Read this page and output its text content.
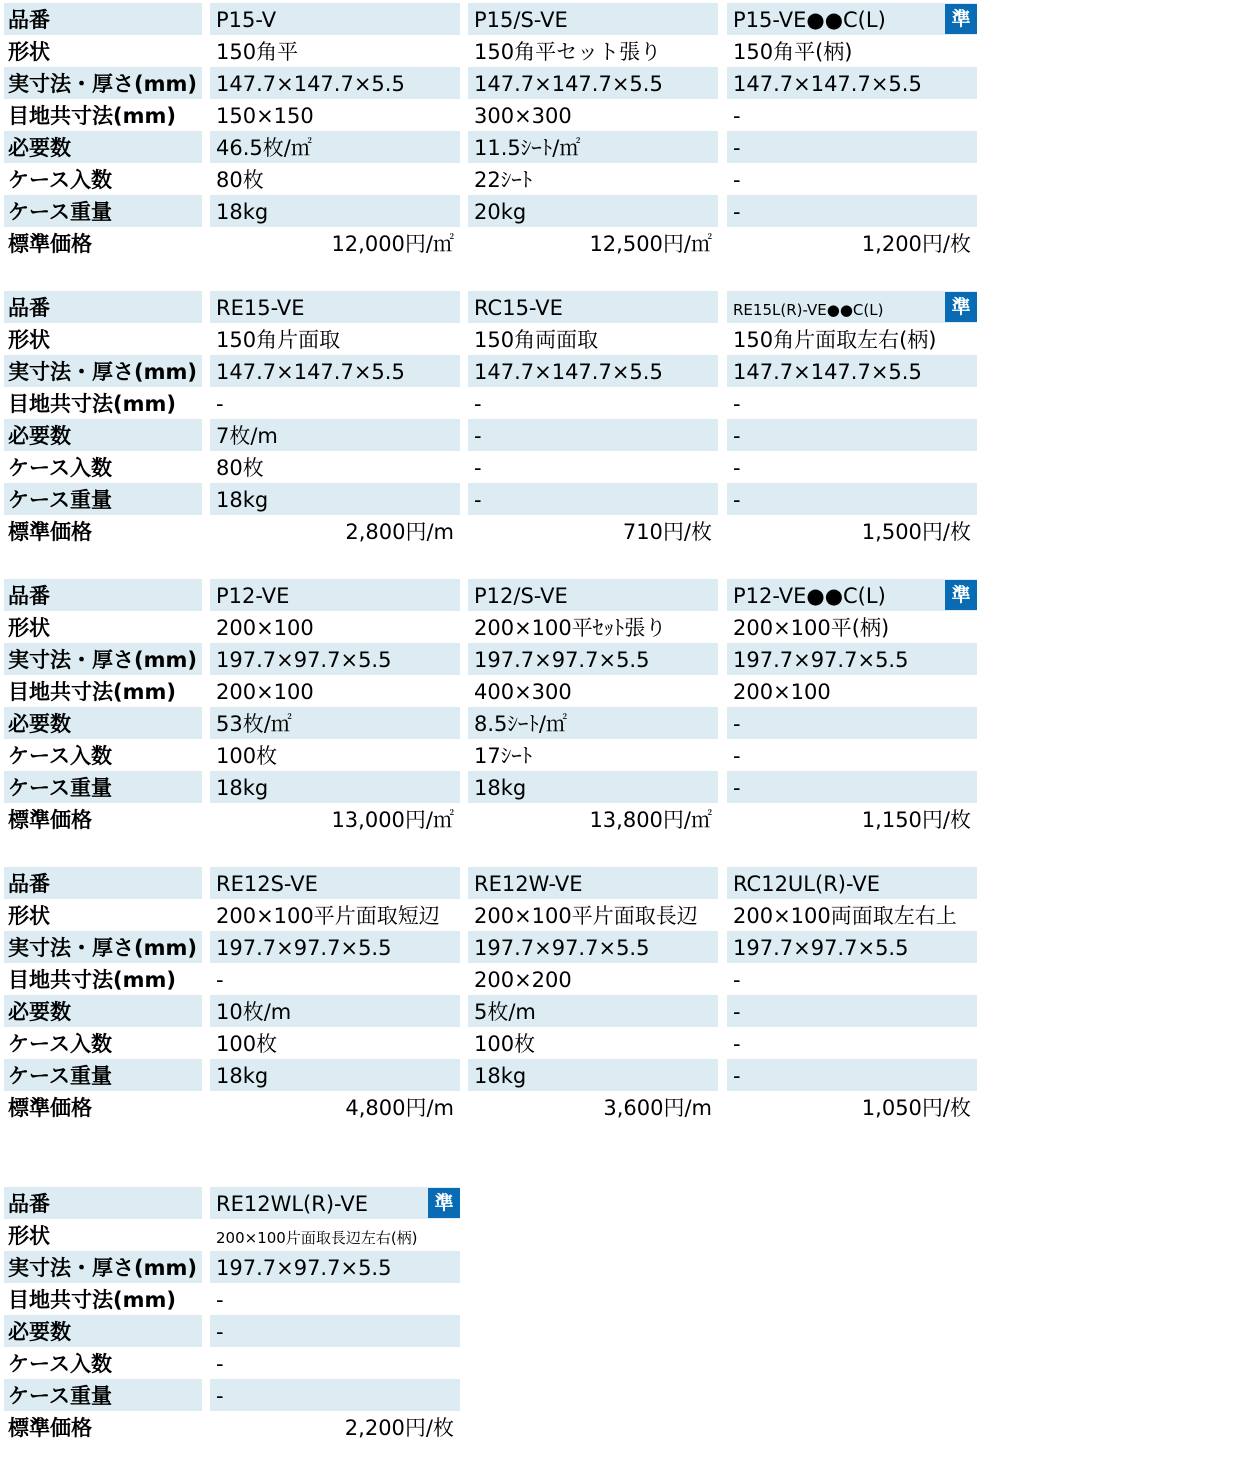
品番	P15-V	P15/S-VE	P15-VE●●C(L)	準
形状	150角平	150角平セット張り	150角平(柄)
実寸法・厚さ(mm) 147.7×147.7×5.5	147.7×147.7×5.5	147.7×147.7×5.5
目地共寸法(mm)	150×150	300×300	-
必要数	46.5枚/㎡	11.5ｼｰﾄ/㎡	-
ケース入数	80枚	22ｼｰﾄ	-
ケース重量	18kg	20kg	-
標準価格	12,000円/㎡	12,500円/㎡	1,200円/枚
品番	RE15-VE	RC15-VE	RE15L(R)-VE●●C(L)	準
形状	150角片面取	150角両面取	150角片面取左右(柄)
実寸法・厚さ(mm) 147.7×147.7×5.5	147.7×147.7×5.5	147.7×147.7×5.5
目地共寸法(mm)	-	-	-
必要数	7枚/m	-	-
ケース入数	80枚	-	-
ケース重量	18kg	-	-
標準価格	2,800円/m	710円/枚	1,500円/枚
品番	P12-VE	P12/S-VE	P12-VE●●C(L)	準
形状	200×100	200×100平ｾｯﾄ張り	200×100平(柄)
実寸法・厚さ(mm) 197.7×97.7×5.5	197.7×97.7×5.5	197.7×97.7×5.5
目地共寸法(mm)	200×100	400×300	200×100
必要数	53枚/㎡	8.5ｼｰﾄ/㎡	-
ケース入数	100枚	17ｼｰﾄ	-
ケース重量	18kg	18kg	-
標準価格	13,000円/㎡	13,800円/㎡	1,150円/枚
品番	RE12S-VE	RE12W-VE	RC12UL(R)-VE
形状	200×100平片面取短辺	200×100平片面取長辺	200×100両面取左右上
実寸法・厚さ(mm) 197.7×97.7×5.5	197.7×97.7×5.5	197.7×97.7×5.5
目地共寸法(mm)	-	200×200	-
必要数	10枚/m	5枚/m	-
ケース入数	100枚	100枚	-
ケース重量	18kg	18kg	-
標準価格	4,800円/m	3,600円/m	1,050円/枚
品番	RE12WL(R)-VE	準
形状	200×100片面取長辺左右(柄)
実寸法・厚さ(mm) 197.7×97.7×5.5
目地共寸法(mm)	-
必要数	-
ケース入数	-
ケース重量	-
標準価格	2,200円/枚
